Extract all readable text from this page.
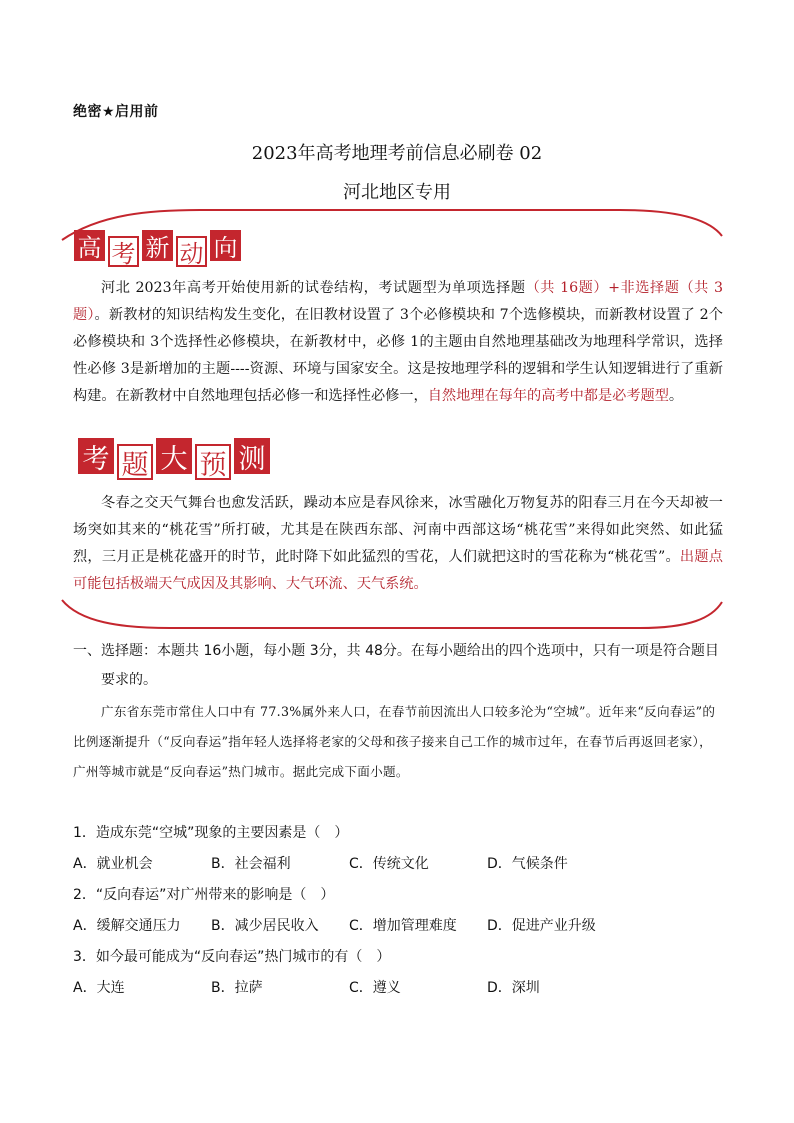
绝密★启用前
2023年高考地理考前信息必刷卷 02
河北地区专用
高 考 新 动 向
河北 2023年高考开始使用新的试卷结构，考试题型为单项选择题（共 16题）+非选择题（共 3题）。新教材的知识结构发生变化，在旧教材设置了 3个必修模块和 7个选修模块，而新教材设置了 2个必修模块和 3个选择性必修模块，在新教材中，必修 1的主题由自然地理基础改为地理科学常识，选择性必修 3是新增加的主题----资源、环境与国家安全。这是按地理学科的逻辑和学生认知逻辑进行了重新构建。在新教材中自然地理包括必修一和选择性必修一，自然地理在每年的高考中都是必考题型。
考 题 大 预 测
冬春之交天气舞台也愈发活跃，躁动本应是春风徐来，冰雪融化万物复苏的阳春三月在今天却被一场突如其来的“桃花雪”所打破，尤其是在陕西东部、河南中西部这场“桃花雪”来得如此突然、如此猛烈，三月正是桃花盛开的时节，此时降下如此猛烈的雪花，人们就把这时的雪花称为“桃花雪”。出题点可能包括极端天气成因及其影响、大气环流、天气系统。
一、选择题：本题共 16小题，每小题 3分，共 48分。在每小题给出的四个选项中，只有一项是符合题目
要求的。
广东省东莞市常住人口中有 77.3%属外来人口，在春节前因流出人口较多沦为“空城”。近年来“反向春运”的比例逐渐提升（“反向春运”指年轻人选择将老家的父母和孩子接来自己工作的城市过年，在春节后再返回老家），广州等城市就是“反向春运”热门城市。据此完成下面小题。
1．造成东莞“空城”现象的主要因素是（　）
A．就业机会	B．社会福利	C．传统文化	D．气候条件
2．“反向春运”对广州带来的影响是（　）
A．缓解交通压力 B．减少居民收入 C．增加管理难度 D．促进产业升级
3．如今最可能成为“反向春运”热门城市的有（　）
A．大连	B．拉萨	C．遵义	D．深圳
